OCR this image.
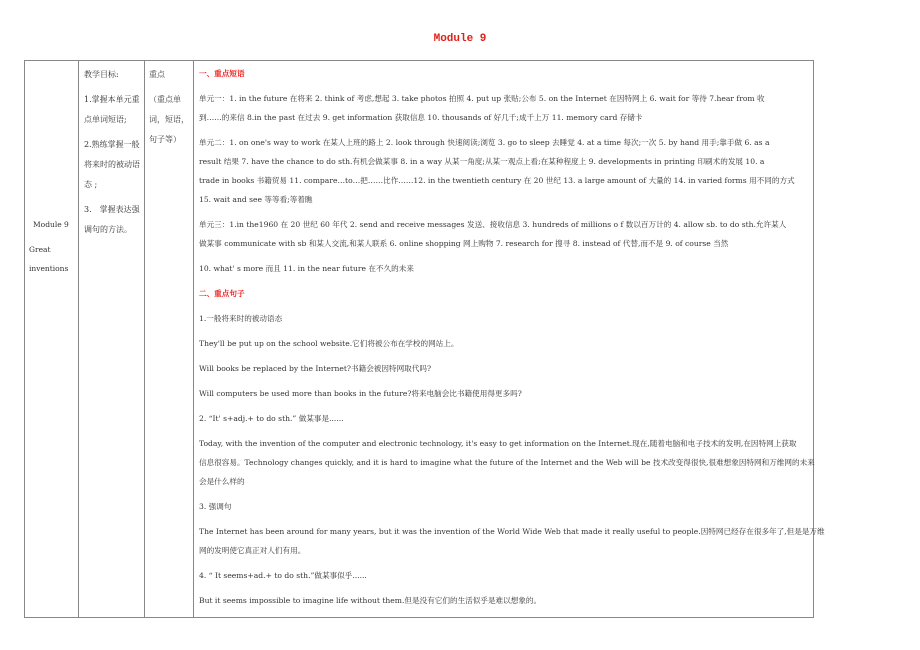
Module 9
Module 9
Great
inventions
教学目标:
1.掌握本单元重
点单词短语;
2.熟练掌握一般
将来时的被动语
态 ;
3.　掌握表达强
调句的方法。
重点
（重点单
词，短语，
句子等）
一、重点短语
单元一：1. in the future 在将来 2. think of 考虑,想起 3. take photos 拍照 4. put up 张贴;公布 5. on the Internet 在因特网上 6. wait for 等待 7.hear from 收
到……的来信 8.in the past 在过去 9. get information 获取信息 10. thousands of 好几千;成千上万 11. memory card 存储卡
单元二：1. on one's way to work 在某人上班的路上 2. look through 快速阅读;浏览 3. go to sleep 去睡觉 4. at a time 每次;一次 5. by hand 用手;靠手做 6. as a
result 结果 7. have the chance to do sth.有机会做某事 8. in a way 从某一角度;从某一观点上看;在某种程度上 9. developments in printing 印刷术的发展 10. a
trade in books 书籍贸易 11. compare…to…把……比作……12. in the twentieth century 在 20 世纪 13. a large amount of 大量的 14. in varied forms 用不同的方式
15. wait and see 等等看;等着瞧
单元三：1.in the1960 在 20 世纪 60 年代 2. send and receive messages 发送、接收信息 3. hundreds of millions o f 数以百万计的 4. allow sb. to do sth.允许某人
做某事 communicate with sb 和某人交流,和某人联系 6. online shopping 网上购物 7. research for 搜寻 8. instead of 代替,而不是 9. of course 当然
10. what' s more 而且 11. in the near future 在不久的未来
二、重点句子
1.一般将来时的被动语态
They'll be put up on the school website.它们将被公布在学校的网站上。
Will books be replaced by the Internet?书籍会被因特网取代吗?
Will computers be used more than books in the future?将来电脑会比书籍使用得更多吗?
2. “It' s+adj.+ to do sth.” 做某事是......
Today, with the invention of the computer and electronic technology, it's easy to get information on the Internet.现在,随着电脑和电子技术的发明,在因特网上获取
信息很容易。Technology changes quickly, and it is hard to imagine what the future of the Internet and the Web will be 技术改变得很快,很难想象因特网和万维网的未来
会是什么样的
3. 强调句
The Internet has been around for many years, but it was the invention of the World Wide Web that made it really useful to people.因特网已经存在很多年了,但是是万维
网的发明使它真正对人们有用。
4. “ It seems+ad.+ to do sth.”做某事似乎......
But it seems impossible to imagine life without them.但是没有它们的生活似乎是难以想象的。
